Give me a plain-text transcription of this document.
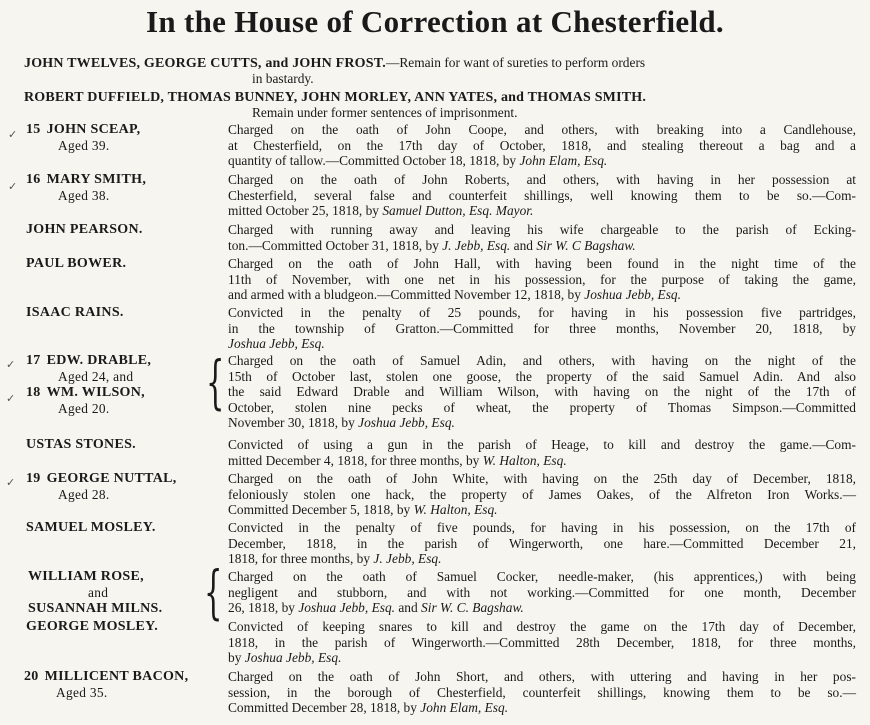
In the House of Correction at Chesterfield.
JOHN TWELVES, GEORGE CUTTS, and JOHN FROST.—Remain for want of sureties to perform orders
in bastardy.
ROBERT DUFFIELD, THOMAS BUNNEY, JOHN MORLEY, ANN YATES, and THOMAS SMITH.
Remain under former sentences of imprisonment.
15 JOHN SCEAP,
Aged 39.
Charged on the oath of John Coope, and others, with breaking into a Candlehouse,
at Chesterfield, on the 17th day of October, 1818, and stealing thereout a bag and a
quantity of tallow.—Committed October 18, 1818, by John Elam, Esq.
16 MARY SMITH,
Aged 38.
Charged on the oath of John Roberts, and others, with having in her possession at
Chesterfield, several false and counterfeit shillings, well knowing them to be so.—Com-
mitted October 25, 1818, by Samuel Dutton, Esq. Mayor.
JOHN PEARSON.	Charged with running away and leaving his wife chargeable to the parish of Ecking-
ton.—Committed October 31, 1818, by J. Jebb, Esq. and Sir W. C Bagshaw.
PAUL BOWER.	Charged on the oath of John Hall, with having been found in the night time of the
11th of November, with one net in his possession, for the purpose of taking the game,
and armed with a bludgeon.—Committed November 12, 1818, by Joshua Jebb, Esq.
ISAAC RAINS.	Convicted in the penalty of 25 pounds, for having in his possession five partridges,
in the township of Gratton.—Committed for three months, November 20, 1818, by
Joshua Jebb, Esq.
17 EDW. DRABLE,
Aged 24, and
18 WM. WILSON,
Aged 20.	{ Charged on the oath of Samuel Adin, and others, with having on the night of the
15th of October last, stolen one goose, the property of the said Samuel Adin. And also
the said Edward Drable and William Wilson, with having on the night of the 17th of
October, stolen nine pecks of wheat, the property of Thomas Simpson.—Committed
November 30, 1818, by Joshua Jebb, Esq.
USTAS STONES.	Convicted of using a gun in the parish of Heage, to kill and destroy the game.—Com-
mitted December 4, 1818, for three months, by W. Halton, Esq.
19 GEORGE NUTTAL,
Aged 28.
Charged on the oath of John White, with having on the 25th day of December, 1818,
feloniously stolen one hack, the property of James Oakes, of the Alfreton Iron Works.—
Committed December 5, 1818, by W. Halton, Esq.
SAMUEL MOSLEY.	Convicted in the penalty of five pounds, for having in his possession, on the 17th of
December, 1818, in the parish of Wingerworth, one hare.—Committed December 21,
1818, for three months, by J. Jebb, Esq.
WILLIAM ROSE,
and
SUSANNAH MILNS. { Charged on the oath of Samuel Cocker, needle-maker, (his apprentices,) with being
negligent and stubborn, and with not working.—Committed for one month, December
26, 1818, by Joshua Jebb, Esq. and Sir W. C. Bagshaw.
GEORGE MOSLEY.	Convicted of keeping snares to kill and destroy the game on the 17th day of December,
1818, in the parish of Wingerworth.—Committed 28th December, 1818, for three months,
by Joshua Jebb, Esq.
20 MILLICENT BACON,
Aged 35.
Charged on the oath of John Short, and others, with uttering and having in her pos-
session, in the borough of Chesterfield, counterfeit shillings, knowing them to be so.—
Committed December 28, 1818, by John Elam, Esq.
✓
✓
✓
✓
✓
